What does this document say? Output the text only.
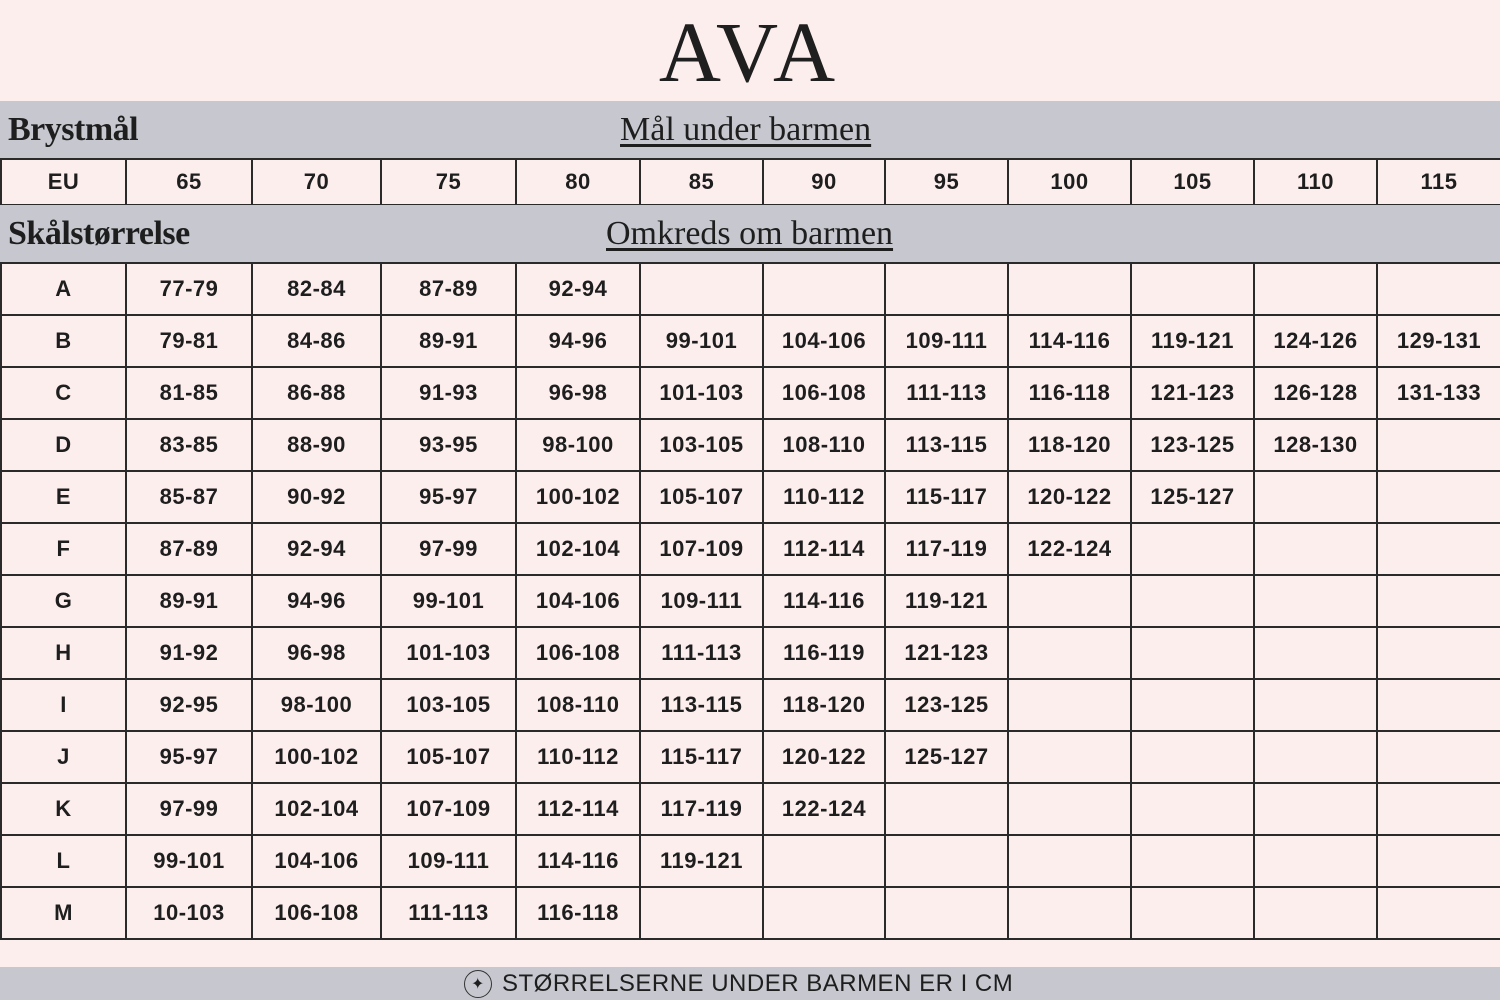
AVA
Brystmål	Mål under barmen
EU	65	70	75	80	85	90	95	100	105	110	115
Skålstørrelse	Omkreds om barmen
A	77-79	82-84	87-89	92-94							
B	79-81	84-86	89-91	94-96	99-101	104-106	109-111	114-116	119-121	124-126	129-131
C	81-85	86-88	91-93	96-98	101-103	106-108	111-113	116-118	121-123	126-128	131-133
D	83-85	88-90	93-95	98-100	103-105	108-110	113-115	118-120	123-125	128-130	
E	85-87	90-92	95-97	100-102	105-107	110-112	115-117	120-122	125-127		
F	87-89	92-94	97-99	102-104	107-109	112-114	117-119	122-124			
G	89-91	94-96	99-101	104-106	109-111	114-116	119-121				
H	91-92	96-98	101-103	106-108	111-113	116-119	121-123				
I	92-95	98-100	103-105	108-110	113-115	118-120	123-125				
J	95-97	100-102	105-107	110-112	115-117	120-122	125-127				
K	97-99	102-104	107-109	112-114	117-119	122-124					
L	99-101	104-106	109-111	114-116	119-121						
M	10-103	106-108	111-113	116-118							
✦ STØRRELSERNE UNDER BARMEN ER I CM
